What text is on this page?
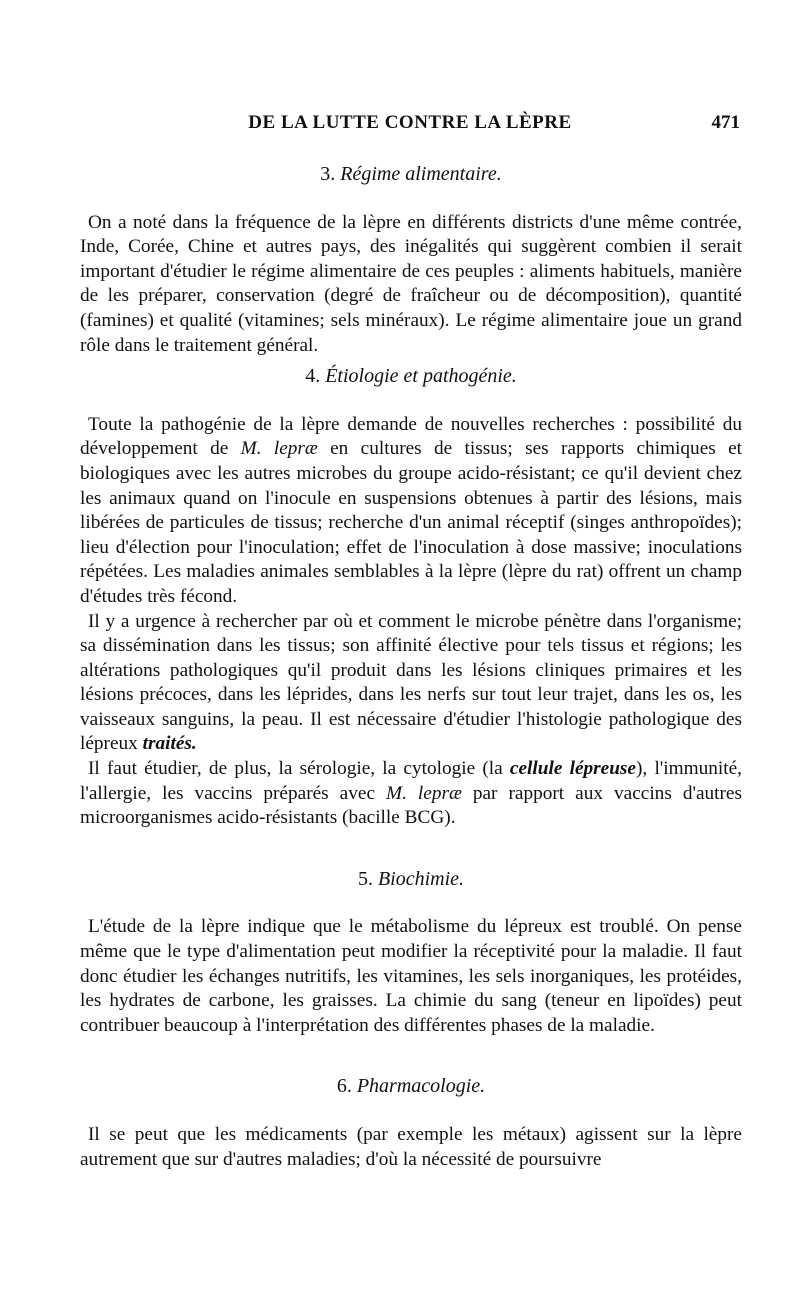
DE LA LUTTE CONTRE LA LÈPRE	471

3. Régime alimentaire.

On a noté dans la fréquence de la lèpre en différents districts d'une même contrée, Inde, Corée, Chine et autres pays, des inégalités qui suggèrent combien il serait important d'étudier le régime alimentaire de ces peuples : aliments habituels, manière de les préparer, conservation (degré de fraîcheur ou de décomposition), quantité (famines) et qualité (vitamines; sels minéraux). Le régime alimentaire joue un grand rôle dans le traitement général.

4. Étiologie et pathogénie.

Toute la pathogénie de la lèpre demande de nouvelles recherches : possibilité du développement de M. lepræ en cultures de tissus; ses rapports chimiques et biologiques avec les autres microbes du groupe acido-résistant; ce qu'il devient chez les animaux quand on l'inocule en suspensions obtenues à partir des lésions, mais libérées de particules de tissus; recherche d'un animal réceptif (singes anthropoïdes); lieu d'élection pour l'inoculation; effet de l'inoculation à dose massive; inoculations répétées. Les maladies animales semblables à la lèpre (lèpre du rat) offrent un champ d'études très fécond.

Il y a urgence à rechercher par où et comment le microbe pénètre dans l'organisme; sa dissémination dans les tissus; son affinité élective pour tels tissus et régions; les altérations pathologiques qu'il produit dans les lésions cliniques primaires et les lésions précoces, dans les léprides, dans les nerfs sur tout leur trajet, dans les os, les vaisseaux sanguins, la peau. Il est nécessaire d'étudier l'histologie pathologique des lépreux traités.

Il faut étudier, de plus, la sérologie, la cytologie (la cellule lépreuse), l'immunité, l'allergie, les vaccins préparés avec M. lepræ par rapport aux vaccins d'autres microorganismes acido-résistants (bacille BCG).

5. Biochimie.

L'étude de la lèpre indique que le métabolisme du lépreux est troublé. On pense même que le type d'alimentation peut modifier la réceptivité pour la maladie. Il faut donc étudier les échanges nutritifs, les vitamines, les sels inorganiques, les protéides, les hydrates de carbone, les graisses. La chimie du sang (teneur en lipoïdes) peut contribuer beaucoup à l'interprétation des différentes phases de la maladie.

6. Pharmacologie.

Il se peut que les médicaments (par exemple les métaux) agissent sur la lèpre autrement que sur d'autres maladies; d'où la nécessité de poursuivre
